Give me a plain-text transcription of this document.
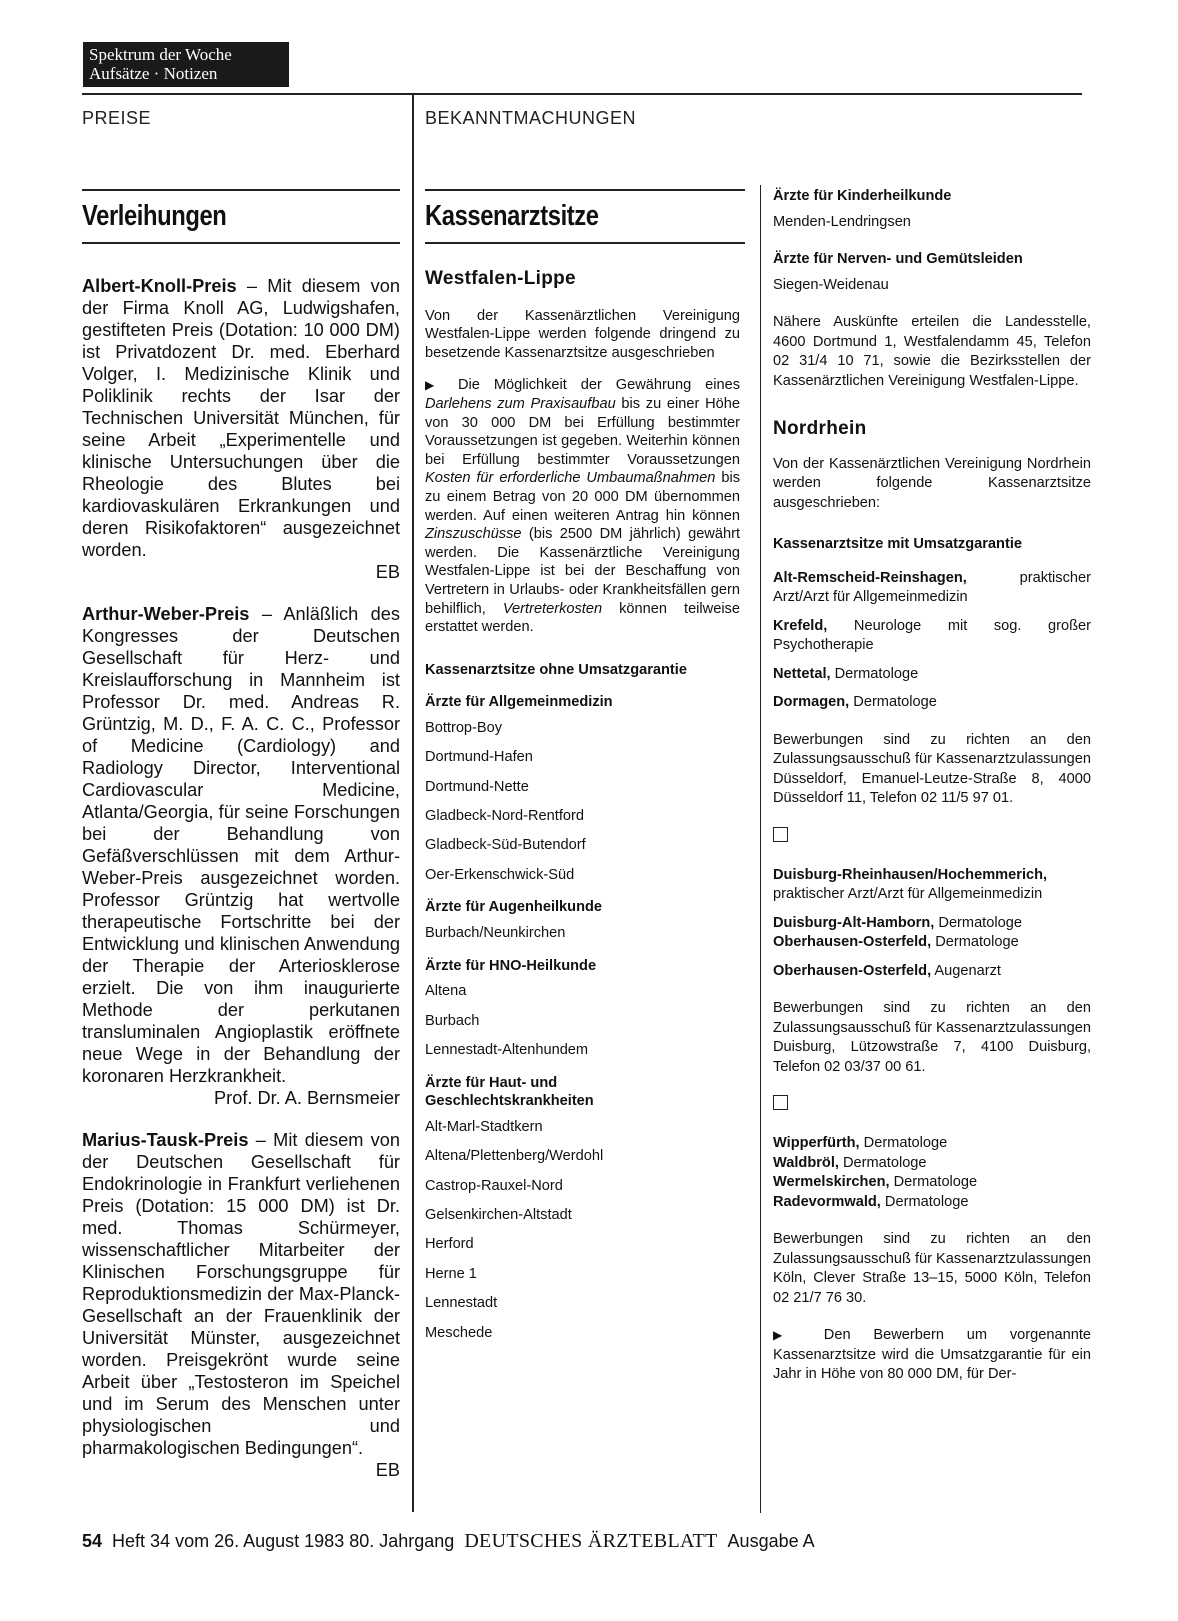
Spektrum der Woche
Aufsätze · Notizen
PREISE	BEKANNTMACHUNGEN
Verleihungen	Kassenarztsitze

Albert-Knoll-Preis – Mit diesem von der Firma Knoll AG, Ludwigshafen, gestifteten Preis (Dotation: 10 000 DM) ist Privatdozent Dr. med. Eberhard Volger, I. Medizinische Klinik und Poliklinik rechts der Isar der Technischen Universität München, für seine Arbeit „Experimentelle und klinische Untersuchungen über die Rheologie des Blutes bei kardiovaskulären Erkrankungen und deren Risikofaktoren“ ausgezeichnet worden.
EB

Arthur-Weber-Preis – Anläßlich des Kongresses der Deutschen Gesellschaft für Herz- und Kreislaufforschung in Mannheim ist Professor Dr. med. Andreas R. Grüntzig, M. D., F. A. C. C., Professor of Medicine (Cardiology) and Radiology Director, Interventional Cardiovascular Medicine, Atlanta/Georgia, für seine Forschungen bei der Behandlung von Gefäßverschlüssen mit dem Arthur-Weber-Preis ausgezeichnet worden. Professor Grüntzig hat wertvolle therapeutische Fortschritte bei der Entwicklung und klinischen Anwendung der Therapie der Arteriosklerose erzielt. Die von ihm inaugurierte Methode der perkutanen transluminalen Angioplastik eröffnete neue Wege in der Behandlung der koronaren Herzkrankheit.
Prof. Dr. A. Bernsmeier

Marius-Tausk-Preis – Mit diesem von der Deutschen Gesellschaft für Endokrinologie in Frankfurt verliehenen Preis (Dotation: 15 000 DM) ist Dr. med. Thomas Schürmeyer, wissenschaftlicher Mitarbeiter der Klinischen Forschungsgruppe für Reproduktionsmedizin der Max-Planck-Gesellschaft an der Frauenklinik der Universität Münster, ausgezeichnet worden. Preisgekrönt wurde seine Arbeit über „Testosteron im Speichel und im Serum des Menschen unter physiologischen und pharmakologischen Bedingungen“.
EB

Westfalen-Lippe

Von der Kassenärztlichen Vereinigung Westfalen-Lippe werden folgende dringend zu besetzende Kassenarztsitze ausgeschrieben

▶ Die Möglichkeit der Gewährung eines Darlehens zum Praxisaufbau bis zu einer Höhe von 30 000 DM bei Erfüllung bestimmter Voraussetzungen ist gegeben. Weiterhin können bei Erfüllung bestimmter Voraussetzungen Kosten für erforderliche Umbaumaßnahmen bis zu einem Betrag von 20 000 DM übernommen werden. Auf einen weiteren Antrag hin können Zinszuschüsse (bis 2500 DM jährlich) gewährt werden. Die Kassenärztliche Vereinigung Westfalen-Lippe ist bei der Beschaffung von Vertretern in Urlaubs- oder Krankheitsfällen gern behilflich, Vertreterkosten können teilweise erstattet werden.

Kassenarztsitze ohne Umsatzgarantie
Ärzte für Allgemeinmedizin
Bottrop-Boy
Dortmund-Hafen
Dortmund-Nette
Gladbeck-Nord-Rentford
Gladbeck-Süd-Butendorf
Oer-Erkenschwick-Süd
Ärzte für Augenheilkunde
Burbach/Neunkirchen
Ärzte für HNO-Heilkunde
Altena
Burbach
Lennestadt-Altenhundem
Ärzte für Haut- und Geschlechtskrankheiten
Alt-Marl-Stadtkern
Altena/Plettenberg/Werdohl
Castrop-Rauxel-Nord
Gelsenkirchen-Altstadt
Herford
Herne 1
Lennestadt
Meschede
Ärzte für Kinderheilkunde
Menden-Lendringsen
Ärzte für Nerven- und Gemütsleiden
Siegen-Weidenau

Nähere Auskünfte erteilen die Landesstelle, 4600 Dortmund 1, Westfalendamm 45, Telefon 02 31/4 10 71, sowie die Bezirksstellen der Kassenärztlichen Vereinigung Westfalen-Lippe.

Nordrhein

Von der Kassenärztlichen Vereinigung Nordrhein werden folgende Kassenarztsitze ausgeschrieben:

Kassenarztsitze mit Umsatzgarantie
Alt-Remscheid-Reinshagen, praktischer Arzt/Arzt für Allgemeinmedizin
Krefeld, Neurologe mit sog. großer Psychotherapie
Nettetal, Dermatologe
Dormagen, Dermatologe

Bewerbungen sind zu richten an den Zulassungsausschuß für Kassenarztzulassungen Düsseldorf, Emanuel-Leutze-Straße 8, 4000 Düsseldorf 11, Telefon 02 11/5 97 01.

Duisburg-Rheinhausen/Hochemmerich, praktischer Arzt/Arzt für Allgemeinmedizin
Duisburg-Alt-Hamborn, Dermatologe
Oberhausen-Osterfeld, Dermatologe
Oberhausen-Osterfeld, Augenarzt

Bewerbungen sind zu richten an den Zulassungsausschuß für Kassenarztzulassungen Duisburg, Lützowstraße 7, 4100 Duisburg, Telefon 02 03/37 00 61.

Wipperfürth, Dermatologe
Waldbröl, Dermatologe
Wermelskirchen, Dermatologe
Radevormwald, Dermatologe

Bewerbungen sind zu richten an den Zulassungsausschuß für Kassenarztzulassungen Köln, Clever Straße 13–15, 5000 Köln, Telefon 02 21/7 76 30.

▶ Den Bewerbern um vorgenannte Kassenarztsitze wird die Umsatzgarantie für ein Jahr in Höhe von 80 000 DM, für Der-

54 Heft 34 vom 26. August 1983 80. Jahrgang DEUTSCHES ÄRZTEBLATT Ausgabe A
